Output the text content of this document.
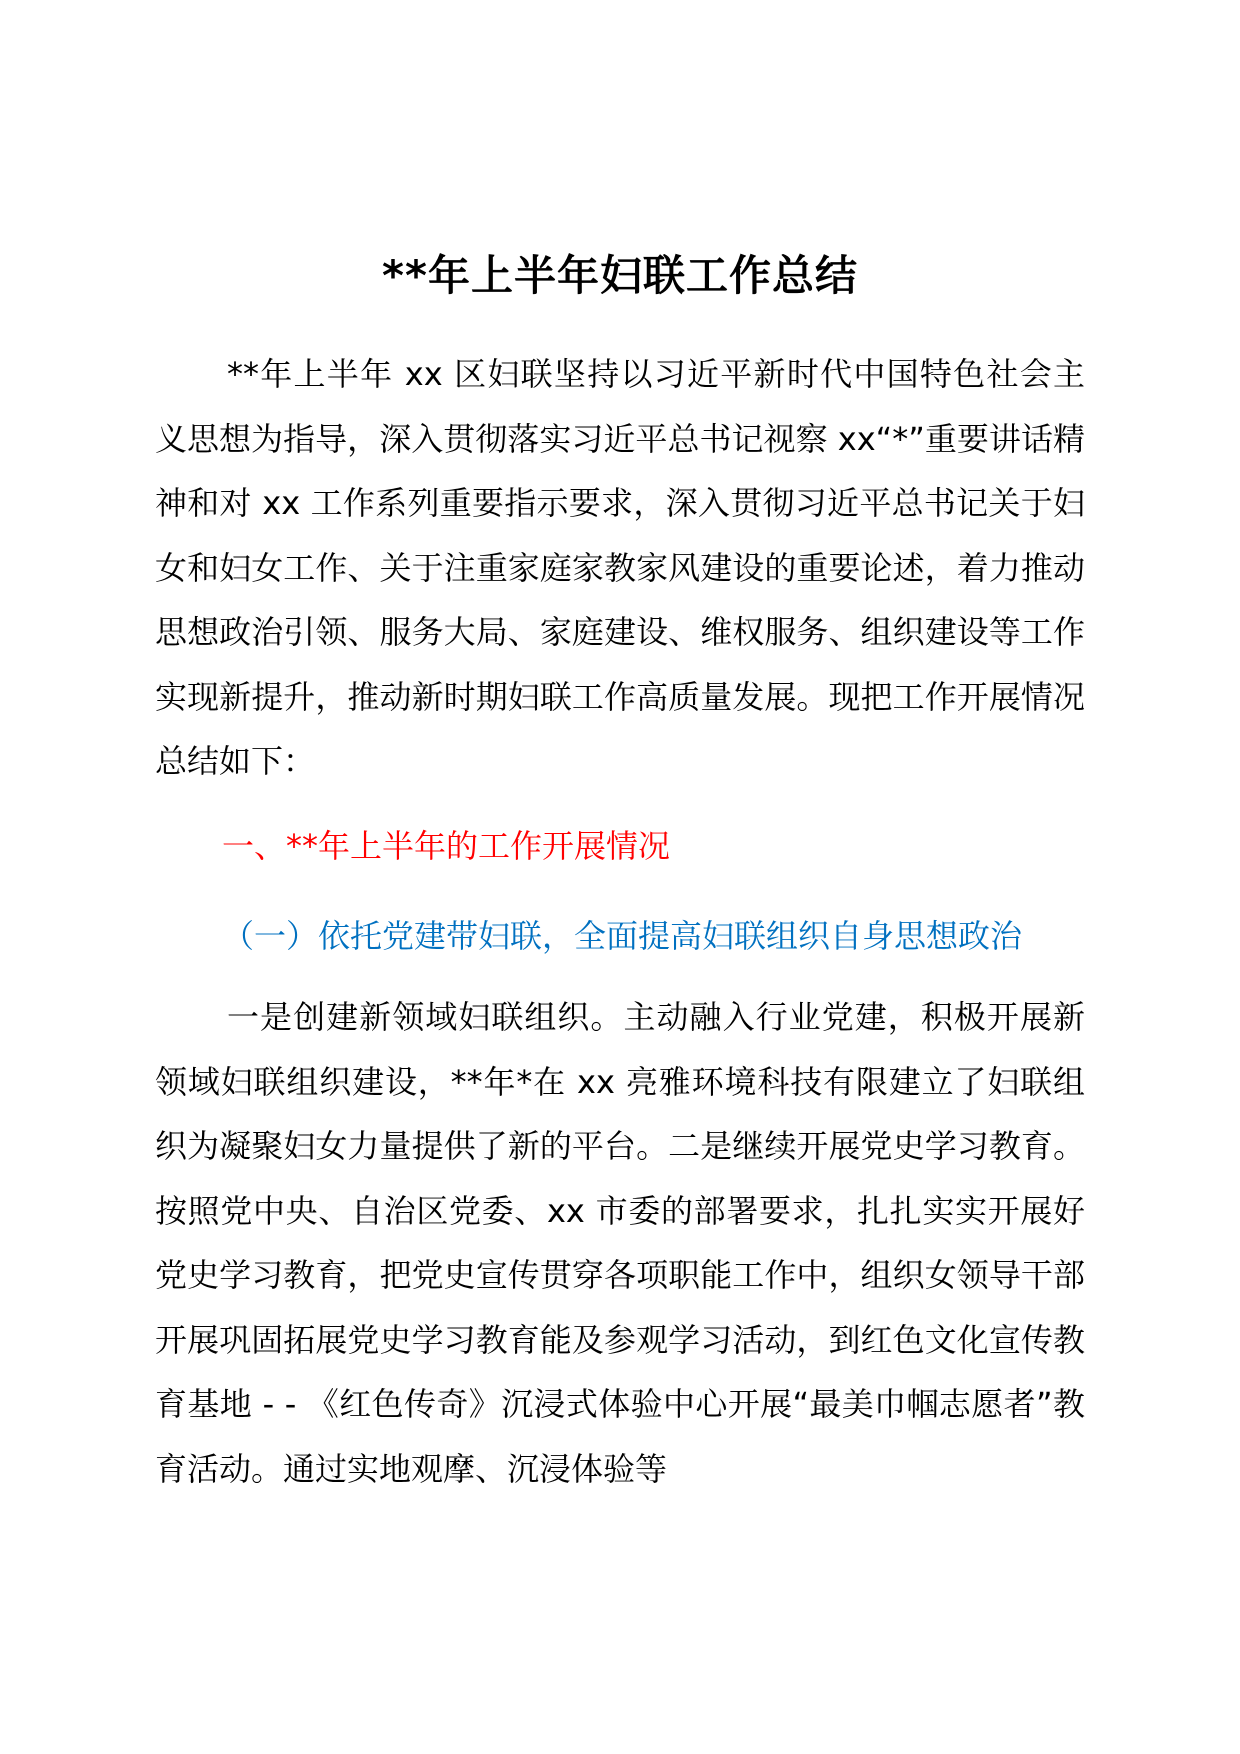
**年上半年妇联工作总结

**年上半年 xx 区妇联坚持以习近平新时代中国特色社会主义思想为指导，深入贯彻落实习近平总书记视察 xx“*”重要讲话精神和对 xx 工作系列重要指示要求，深入贯彻习近平总书记关于妇女和妇女工作、关于注重家庭家教家风建设的重要论述，着力推动思想政治引领、服务大局、家庭建设、维权服务、组织建设等工作实现新提升，推动新时期妇联工作高质量发展。现把工作开展情况总结如下：

一、**年上半年的工作开展情况
（一）依托党建带妇联，全面提高妇联组织自身思想政治

一是创建新领域妇联组织。主动融入行业党建，积极开展新领域妇联组织建设，**年*在 xx 亮雅环境科技有限建立了妇联组织为凝聚妇女力量提供了新的平台。二是继续开展党史学习教育。按照党中央、自治区党委、xx 市委的部署要求，扎扎实实开展好党史学习教育，把党史宣传贯穿各项职能工作中，组织女领导干部开展巩固拓展党史学习教育能及参观学习活动，到红色文化宣传教育基地 - - 《红色传奇》沉浸式体验中心开展“最美巾帼志愿者”教育活动。通过实地观摩、沉浸体验等
